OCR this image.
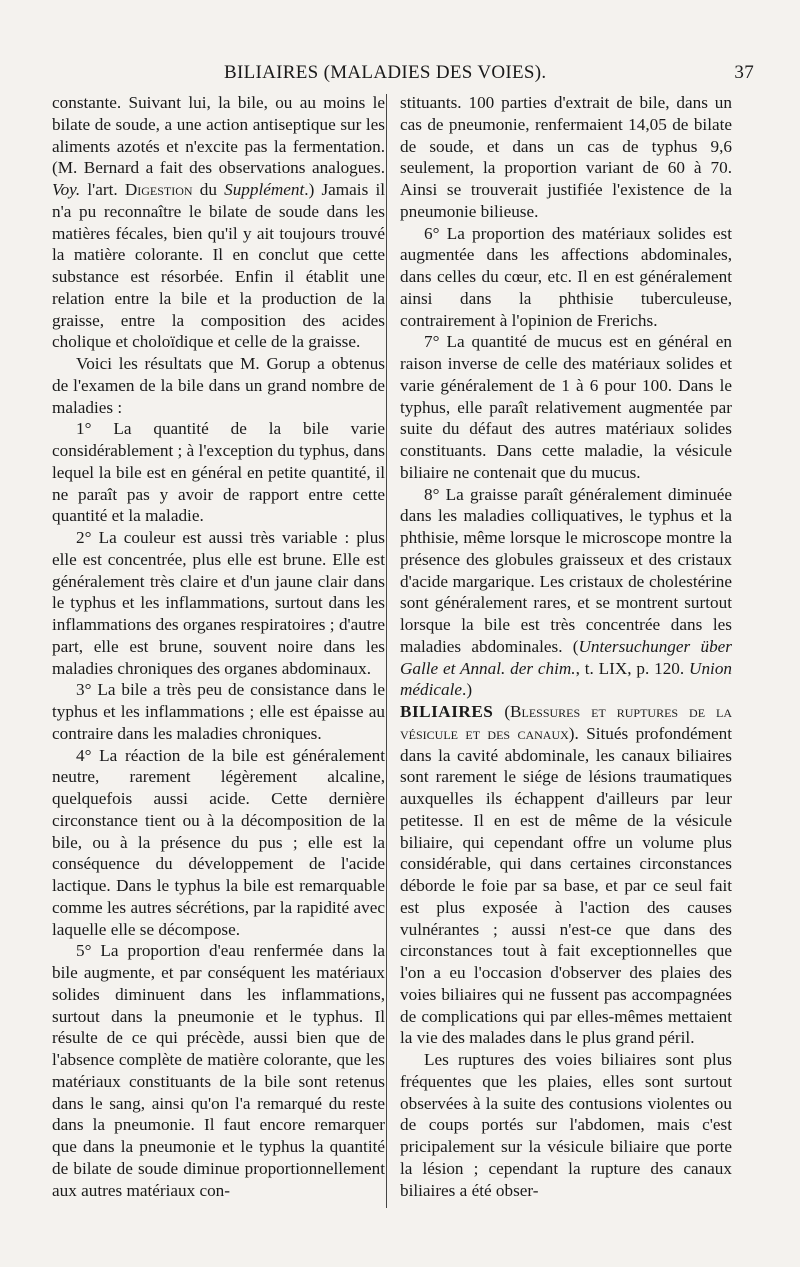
BILIAIRES (MALADIES DES VOIES).	37

constante. Suivant lui, la bile, ou au moins le bilate de soude, a une action antiseptique sur les aliments azotés et n'excite pas la fermentation. (M. Bernard a fait des observations analogues. Voy. l'art. Digestion du Supplément.) Jamais il n'a pu reconnaître le bilate de soude dans les matières fécales, bien qu'il y ait toujours trouvé la matière colorante. Il en conclut que cette substance est résorbée. Enfin il établit une relation entre la bile et la production de la graisse, entre la composition des acides cholique et choloïdique et celle de la graisse.

Voici les résultats que M. Gorup a obtenus de l'examen de la bile dans un grand nombre de maladies :

1° La quantité de la bile varie considérablement ; à l'exception du typhus, dans lequel la bile est en général en petite quantité, il ne paraît pas y avoir de rapport entre cette quantité et la maladie.

2° La couleur est aussi très variable : plus elle est concentrée, plus elle est brune. Elle est généralement très claire et d'un jaune clair dans le typhus et les inflammations, surtout dans les inflammations des organes respiratoires ; d'autre part, elle est brune, souvent noire dans les maladies chroniques des organes abdominaux.

3° La bile a très peu de consistance dans le typhus et les inflammations ; elle est épaisse au contraire dans les maladies chroniques.

4° La réaction de la bile est généralement neutre, rarement légèrement alcaline, quelquefois aussi acide. Cette dernière circonstance tient ou à la décomposition de la bile, ou à la présence du pus ; elle est la conséquence du développement de l'acide lactique. Dans le typhus la bile est remarquable comme les autres sécrétions, par la rapidité avec laquelle elle se décompose.

5° La proportion d'eau renfermée dans la bile augmente, et par conséquent les matériaux solides diminuent dans les inflammations, surtout dans la pneumonie et le typhus. Il résulte de ce qui précède, aussi bien que de l'absence complète de matière colorante, que les matériaux constituants de la bile sont retenus dans le sang, ainsi qu'on l'a remarqué du reste dans la pneumonie. Il faut encore remarquer que dans la pneumonie et le typhus la quantité de bilate de soude diminue proportionnellement aux autres matériaux con-

stituants. 100 parties d'extrait de bile, dans un cas de pneumonie, renfermaient 14,05 de bilate de soude, et dans un cas de typhus 9,6 seulement, la proportion variant de 60 à 70. Ainsi se trouverait justifiée l'existence de la pneumonie bilieuse.

6° La proportion des matériaux solides est augmentée dans les affections abdominales, dans celles du cœur, etc. Il en est généralement ainsi dans la phthisie tuberculeuse, contrairement à l'opinion de Frerichs.

7° La quantité de mucus est en général en raison inverse de celle des matériaux solides et varie généralement de 1 à 6 pour 100. Dans le typhus, elle paraît relativement augmentée par suite du défaut des autres matériaux solides constituants. Dans cette maladie, la vésicule biliaire ne contenait que du mucus.

8° La graisse paraît généralement diminuée dans les maladies colliquatives, le typhus et la phthisie, même lorsque le microscope montre la présence des globules graisseux et des cristaux d'acide margarique. Les cristaux de cholestérine sont généralement rares, et se montrent surtout lorsque la bile est très concentrée dans les maladies abdominales. (Untersuchunger über Galle et Annal. der chim., t. LIX, p. 120. Union médicale.)

BILIAIRES (Blessures et ruptures de la vésicule et des canaux). Situés profondément dans la cavité abdominale, les canaux biliaires sont rarement le siége de lésions traumatiques auxquelles ils échappent d'ailleurs par leur petitesse. Il en est de même de la vésicule biliaire, qui cependant offre un volume plus considérable, qui dans certaines circonstances déborde le foie par sa base, et par ce seul fait est plus exposée à l'action des causes vulnérantes ; aussi n'est-ce que dans des circonstances tout à fait exceptionnelles que l'on a eu l'occasion d'observer des plaies des voies biliaires qui ne fussent pas accompagnées de complications qui par elles-mêmes mettaient la vie des malades dans le plus grand péril.

Les ruptures des voies biliaires sont plus fréquentes que les plaies, elles sont surtout observées à la suite des contusions violentes ou de coups portés sur l'abdomen, mais c'est pricipalement sur la vésicule biliaire que porte la lésion ; cependant la rupture des canaux biliaires a été obser-
